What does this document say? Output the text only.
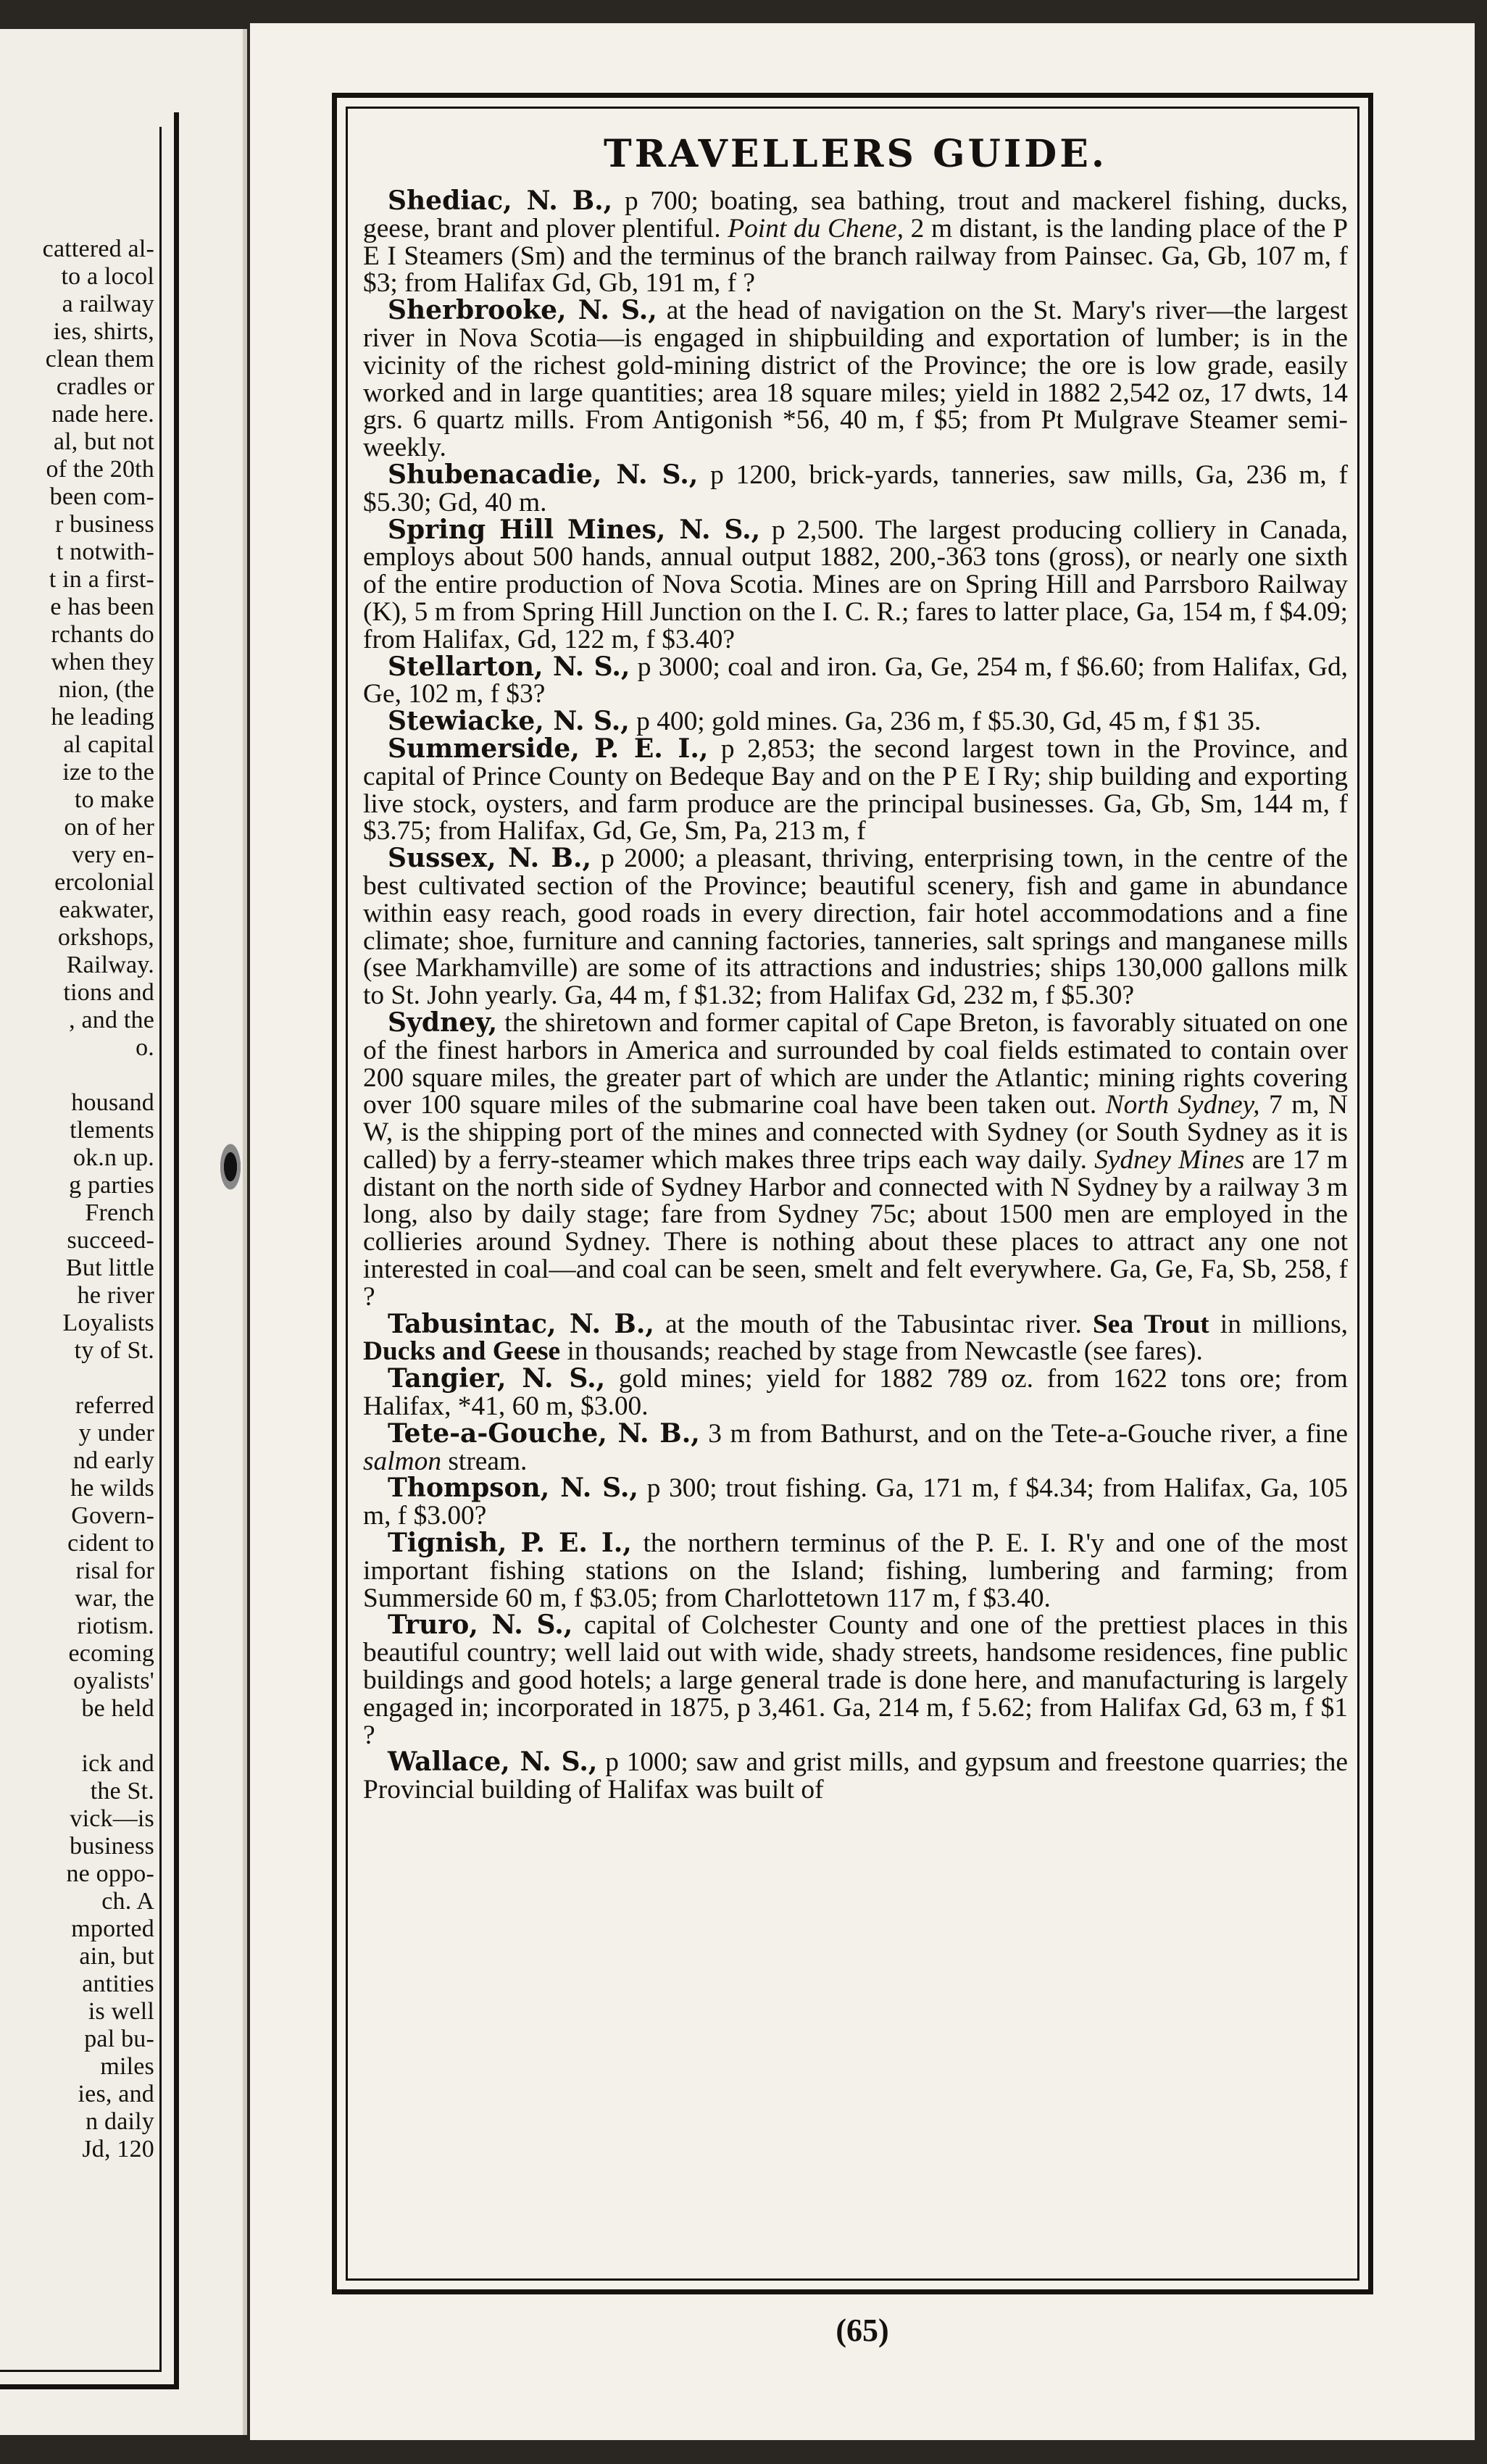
cattered al-
to a locol
a railway
ies, shirts,
clean them
cradles or
nade here.
al, but not
of the 20th
been com-
r business
t notwith-
t in a first-
e has been
rchants do
when they
nion, (the
he leading
al capital
ize to the
to make
on of her
very en-
ercolonial
eakwater,
orkshops,
Railway.
tions and
, and the
o.

housand
tlements
ok.n up.
g parties
French
succeed-
But little
he river
Loyalists
ty of St.

referred
y under
nd early
he wilds
Govern-
cident to
risal for
war, the
riotism.
ecoming
oyalists'
be held

ick and
the St.
vick—is
business
ne oppo-
ch. A
mported
ain, but
antities
is well
pal bu-
miles
ies, and
n daily
Jd, 120
TRAVELLERS GUIDE.

Shediac, N. B., p 700; boating, sea bathing, trout and mackerel fishing, ducks, geese, brant and plover plentiful. Point du Chene, 2 m distant, is the landing place of the P E I Steamers (Sm) and the terminus of the branch railway from Painsec. Ga, Gb, 107 m, f $3; from Halifax Gd, Gb, 191 m, f ?

Sherbrooke, N. S., at the head of navigation on the St. Mary's river—the largest river in Nova Scotia—is engaged in shipbuilding and exportation of lumber; is in the vicinity of the richest gold-mining district of the Province; the ore is low grade, easily worked and in large quantities; area 18 square miles; yield in 1882 2,542 oz, 17 dwts, 14 grs. 6 quartz mills. From Antigonish *56, 40 m, f $5; from Pt Mulgrave Steamer semi-weekly.

Shubenacadie, N. S., p 1200, brick-yards, tanneries, saw mills, Ga, 236 m, f $5.30; Gd, 40 m.

Spring Hill Mines, N. S., p 2,500. The largest producing colliery in Canada, employs about 500 hands, annual output 1882, 200,-363 tons (gross), or nearly one sixth of the entire production of Nova Scotia. Mines are on Spring Hill and Parrsboro Railway (K), 5 m from Spring Hill Junction on the I. C. R.; fares to latter place, Ga, 154 m, f $4.09; from Halifax, Gd, 122 m, f $3.40?

Stellarton, N. S., p 3000; coal and iron. Ga, Ge, 254 m, f $6.60; from Halifax, Gd, Ge, 102 m, f $3?

Stewiacke, N. S., p 400; gold mines. Ga, 236 m, f $5.30, Gd, 45 m, f $1 35.

Summerside, P. E. I., p 2,853; the second largest town in the Province, and capital of Prince County on Bedeque Bay and on the P E I Ry; ship building and exporting live stock, oysters, and farm produce are the principal businesses. Ga, Gb, Sm, 144 m, f $3.75; from Halifax, Gd, Ge, Sm, Pa, 213 m, f

Sussex, N. B., p 2000; a pleasant, thriving, enterprising town, in the centre of the best cultivated section of the Province; beautiful scenery, fish and game in abundance within easy reach, good roads in every direction, fair hotel accommodations and a fine climate; shoe, furniture and canning factories, tanneries, salt springs and manganese mills (see Markhamville) are some of its attractions and industries; ships 130,000 gallons milk to St. John yearly. Ga, 44 m, f $1.32; from Halifax Gd, 232 m, f $5.30?

Sydney, the shiretown and former capital of Cape Breton, is favorably situated on one of the finest harbors in America and surrounded by coal fields estimated to contain over 200 square miles, the greater part of which are under the Atlantic; mining rights covering over 100 square miles of the submarine coal have been taken out. North Sydney, 7 m, N W, is the shipping port of the mines and connected with Sydney (or South Sydney as it is called) by a ferry-steamer which makes three trips each way daily. Sydney Mines are 17 m distant on the north side of Sydney Harbor and connected with N Sydney by a railway 3 m long, also by daily stage; fare from Sydney 75c; about 1500 men are employed in the collieries around Sydney. There is nothing about these places to attract any one not interested in coal—and coal can be seen, smelt and felt everywhere. Ga, Ge, Fa, Sb, 258, f ?

Tabusintac, N. B., at the mouth of the Tabusintac river. Sea Trout in millions, Ducks and Geese in thousands; reached by stage from Newcastle (see fares).

Tangier, N. S., gold mines; yield for 1882 789 oz. from 1622 tons ore; from Halifax, *41, 60 m, $3.00.

Tete-a-Gouche, N. B., 3 m from Bathurst, and on the Tete-a-Gouche river, a fine salmon stream.

Thompson, N. S., p 300; trout fishing. Ga, 171 m, f $4.34; from Halifax, Ga, 105 m, f $3.00?

Tignish, P. E. I., the northern terminus of the P. E. I. R'y and one of the most important fishing stations on the Island; fishing, lumbering and farming; from Summerside 60 m, f $3.05; from Charlottetown 117 m, f $3.40.

Truro, N. S., capital of Colchester County and one of the prettiest places in this beautiful country; well laid out with wide, shady streets, handsome residences, fine public buildings and good hotels; a large general trade is done here, and manufacturing is largely engaged in; incorporated in 1875, p 3,461. Ga, 214 m, f 5.62; from Halifax Gd, 63 m, f $1 ?

Wallace, N. S., p 1000; saw and grist mills, and gypsum and freestone quarries; the Provincial building of Halifax was built of

(65)
